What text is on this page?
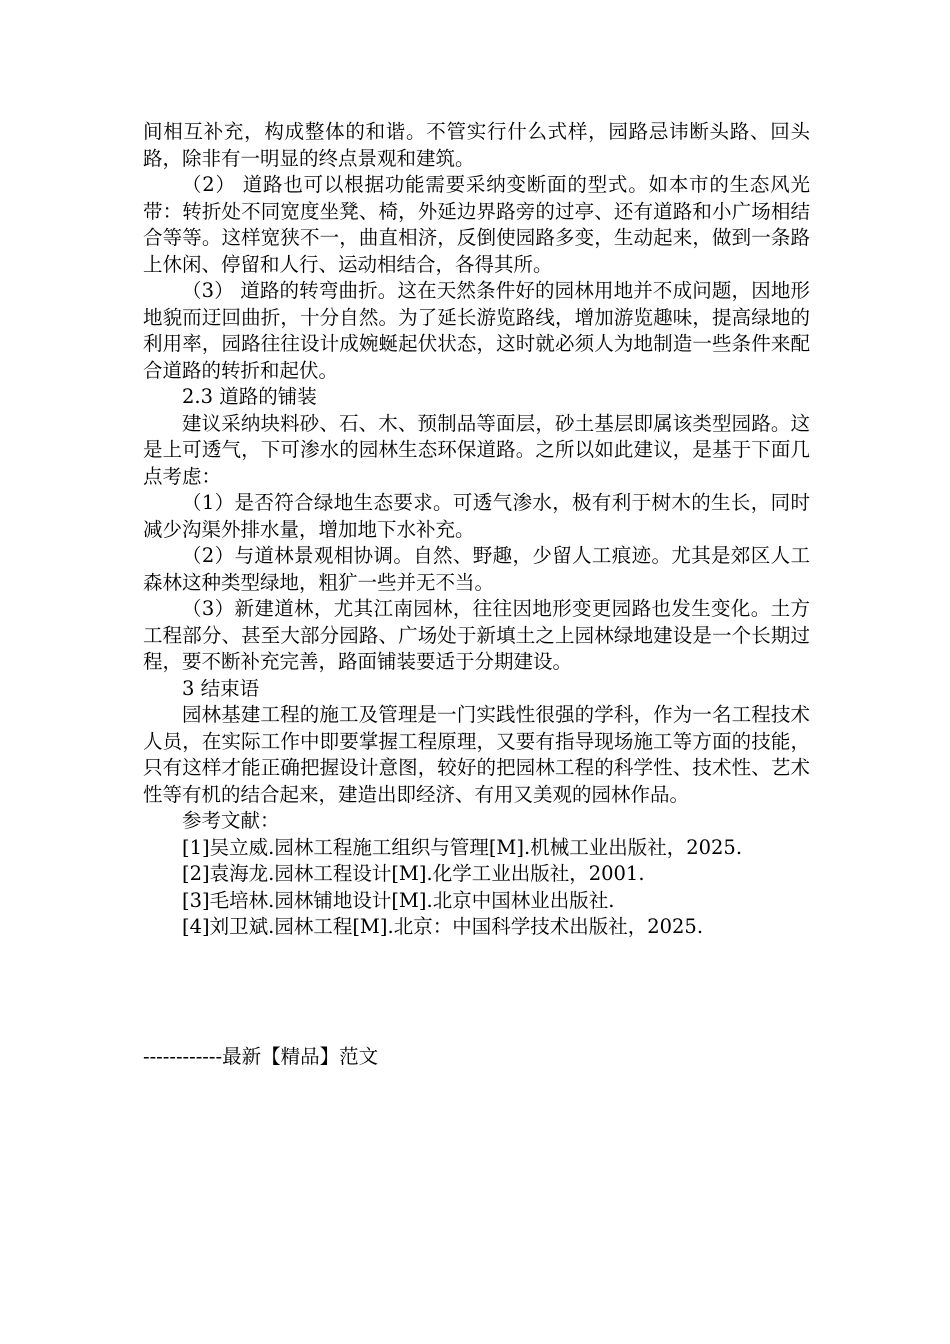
间相互补充，构成整体的和谐。不管实行什么式样，园路忌讳断头路、回头路，除非有一明显的终点景观和建筑。

（2） 道路也可以根据功能需要采纳变断面的型式。如本市的生态风光带：转折处不同宽度坐凳、椅，外延边界路旁的过亭、还有道路和小广场相结合等等。这样宽狭不一，曲直相济，反倒使园路多变，生动起来，做到一条路上休闲、停留和人行、运动相结合，各得其所。

（3） 道路的转弯曲折。这在天然条件好的园林用地并不成问题，因地形地貌而迂回曲折，十分自然。为了延长游览路线，增加游览趣味，提高绿地的利用率，园路往往设计成婉蜒起伏状态，这时就必须人为地制造一些条件来配合道路的转折和起伏。

2.3 道路的铺装

建议采纳块料砂、石、木、预制品等面层，砂土基层即属该类型园路。这是上可透气，下可渗水的园林生态环保道路。之所以如此建议，是基于下面几点考虑：

（1）是否符合绿地生态要求。可透气渗水，极有利于树木的生长，同时减少沟渠外排水量，增加地下水补充。

（2）与道林景观相协调。自然、野趣，少留人工痕迹。尤其是郊区人工森林这种类型绿地，粗犷一些并无不当。

（3）新建道林，尤其江南园林，往往因地形变更园路也发生变化。土方工程部分、甚至大部分园路、广场处于新填土之上园林绿地建设是一个长期过程，要不断补充完善，路面铺装要适于分期建设。

3 结束语

园林基建工程的施工及管理是一门实践性很强的学科，作为一名工程技术人员，在实际工作中即要掌握工程原理，又要有指导现场施工等方面的技能，只有这样才能正确把握设计意图，较好的把园林工程的科学性、技术性、艺术性等有机的结合起来，建造出即经济、有用又美观的园林作品。

参考文献：

[1]吴立威.园林工程施工组织与管理[M].机械工业出版社，2025.

[2]袁海龙.园林工程设计[M].化学工业出版社，2001.

[3]毛培林.园林铺地设计[M].北京中国林业出版社.

[4]刘卫斌.园林工程[M].北京：中国科学技术出版社，2025.

------------最新【精品】范文
